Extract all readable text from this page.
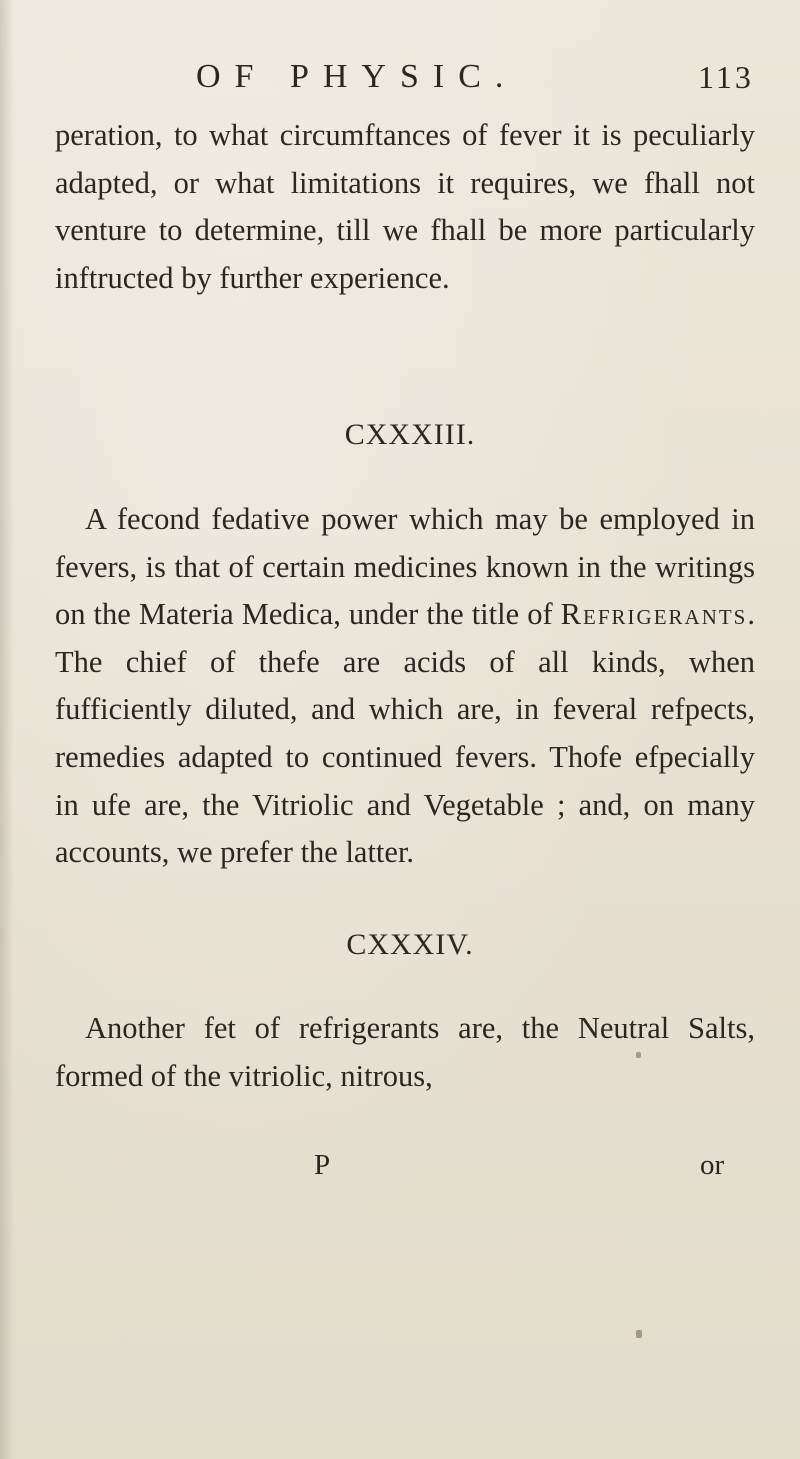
OF PHYSIC.	113
peration, to what circumftances of fever it is peculiarly adapted, or what limitations it requires, we fhall not venture to determine, till we fhall be more particularly inftructed by further experience.
CXXXIII.

A fecond fedative power which may be employed in fevers, is that of certain medicines known in the writings on the Materia Medica, under the title of Refrigerants. The chief of thefe are acids of all kinds, when fufficiently diluted, and which are, in feveral refpects, remedies adapted to continued fevers. Thofe efpecially in ufe are, the Vitriolic and Vegetable ; and, on many accounts, we prefer the latter.

CXXXIV.

Another fet of refrigerants are, the Neutral Salts, formed of the vitriolic, nitrous,

P	or
